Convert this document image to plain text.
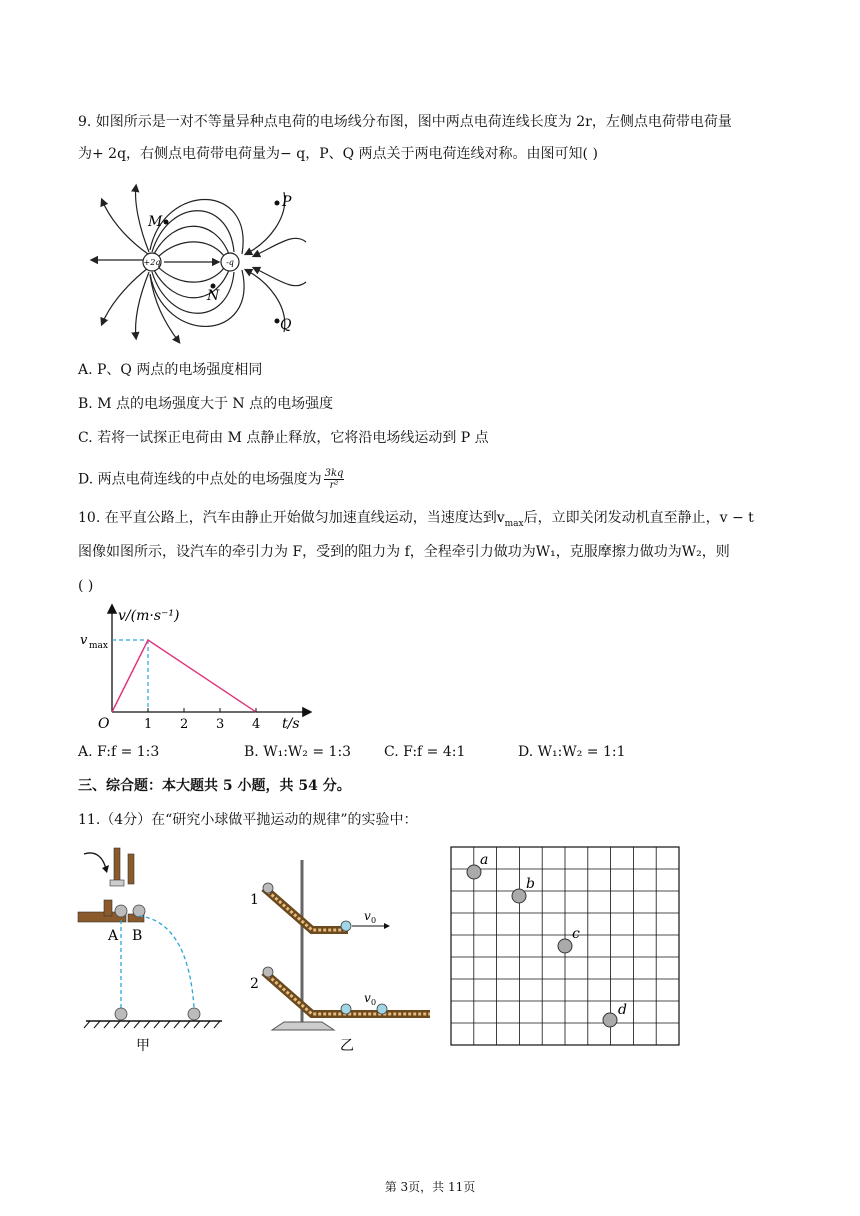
9. 如图所示是一对不等量异种点电荷的电场线分布图，图中两点电荷连线长度为 2r，左侧点电荷带电荷量
为+ 2q，右侧点电荷带电荷量为− q，P、Q 两点关于两电荷连线对称。由图可知( )
+2q	-q
M
P
N
Q
A. P、Q 两点的电场强度相同
B. M 点的电场强度大于 N 点的电场强度
C. 若将一试探正电荷由 M 点静止释放，它将沿电场线运动到 P 点
D. 两点电荷连线的中点处的电场强度为 $\frac{3kq}{\text{r²}}$
10. 在平直公路上，汽车由静止开始做匀加速直线运动，当速度达到$v_{max}$后，立即关闭发动机直至静止，v − t
图像如图所示，设汽车的牵引力为 F，受到的阻力为 f，全程牵引力做功为W₁，克服摩擦力做功为W₂，则
( )
v/(m·s⁻¹)
v max
O	1 2 3 4 t/s
A. F:f = 1:3	B. W₁:W₂ = 1:3 C. F:f = 4:1	D. W₁:W₂ = 1:1
三、综合题：本大题共 5 小题，共 54 分。
11.（4分）在“研究小球做平抛运动的规律”的实验中：
A B
甲
v 0
1
v 0
2
乙
a
b
c
d
第 3页，共 11页
